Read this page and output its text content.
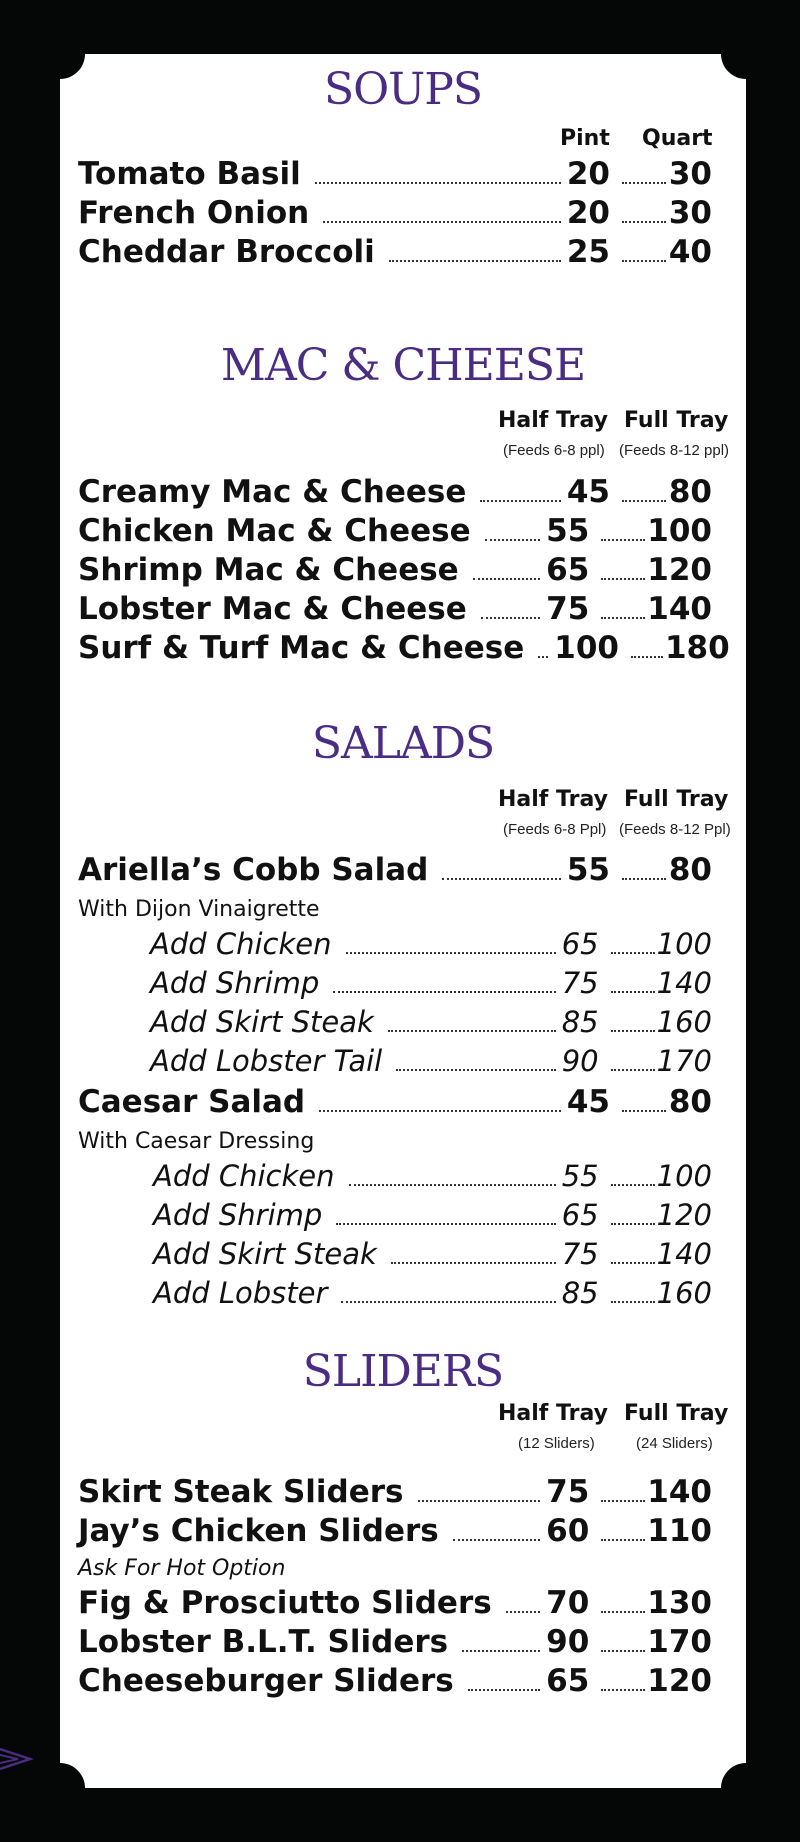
SOUPS
Pint Quart
Tomato Basil	20 30
French Onion	20 30
Cheddar Broccoli	25 40
MAC & CHEESE
Half Tray Full Tray
(Feeds 6-8 ppl) (Feeds 8-12 ppl)
Creamy Mac & Cheese	45 80
Chicken Mac & Cheese 55 100
Shrimp Mac & Cheese	65 120
Lobster Mac & Cheese	75 140
Surf & Turf Mac & Cheese 100 180
SALADS
Half Tray Full Tray
(Feeds 6-8 Ppl) (Feeds 8-12 Ppl)
Ariella’s Cobb Salad	55 80
With Dijon Vinaigrette
Add Chicken	65 100
Add Shrimp	75 140
Add Skirt Steak	85 160
Add Lobster Tail	90 170
Caesar Salad	45 80
With Caesar Dressing
Add Chicken	55 100
Add Shrimp	65 120
Add Skirt Steak	75 140
Add Lobster	85 160
SLIDERS
Half Tray Full Tray
(12 Sliders)	(24 Sliders)
Skirt Steak Sliders	75 140
Jay’s Chicken Sliders	60 110
Ask For Hot Option
Fig & Prosciutto Sliders 70 130
Lobster B.L.T. Sliders	90 170
Cheeseburger Sliders	65 120
